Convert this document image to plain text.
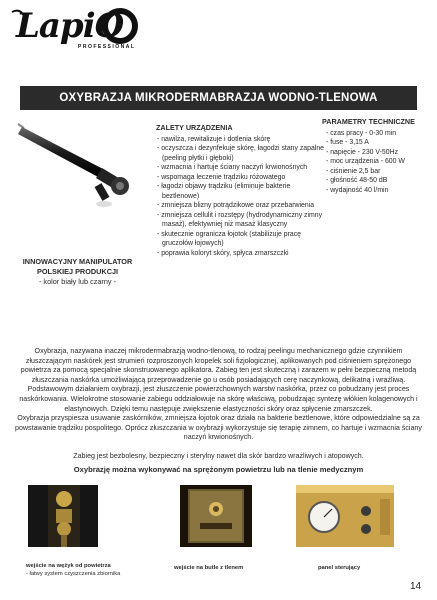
LapiO
PROFESSIONAL
OXYBRAZJA MIKRODERMABRAZJA WODNO-TLENOWA
INNOWACYJNY MANIPULATOR
POLSKIEJ PRODUKCJI
- kolor biały lub czarny -
ZALETY URZĄDZENIA
- nawilża, rewitalizuje i dotlenia skórę
- oczyszcza i dezynfekuje skórę, łagodzi stany zapalne (peeling płytki i głęboki)
- wzmacnia i hartuje ściany naczyń krwionośnych
- wspomaga leczenie trądziku różowatego
- łagodzi objawy trądziku (eliminuje bakterie beztlenowe)
- zmniejsza blizny potrądzikowe oraz przebarwienia
- zmniejsza cellulit i rozstępy (hydrodynamiczny zimny masaż), efektywniej niż masaż klasyczny
- skutecznie ogranicza łojotok (stabilizuje pracę gruczołów łojowych)
- poprawia koloryt skóry, spłyca zmarszczki
PARAMETRY TECHNICZNE
- czas pracy - 0-30 min
- fuse - 3,15 A
- napięcie - 230 V-50Hz
- moc urządzenia - 600 W
- ciśnienie 2,5 bar
- głośność 48-50 dB
- wydajność 40 l/min

Oxybrazja, nazywana inaczej mikrodermabrazją wodno-tlenową, to rodzaj peelingu mechanicznego gdzie czynnikiem złuszczającym naskórek jest strumień rozproszonych kropelek soli fizjologicznej, aplikowanych pod ciśnieniem sprężonego powietrza za pomocą specjalnie skonstruowanego aplikatora. Zabieg ten jest skuteczną i zarazem w pełni bezpieczną metodą złuszczania naskórka umożliwiającą przeprowadzenie go u osób posiadających cerę naczynkową, delikatną i wrażliwą. Podstawowym działaniem oxybrazji, jest złuszczenie powierzchownych warstw naskórka, przez co pobudzany jest proces naskórkowania. Wielokrotne stosowanie zabiegu oddziałowuje na skórę właściwą, pobudzając syntezę włókien kolagenowych i elastynowych. Dzięki temu następuje zwiększenie elastyczności skóry oraz spłycenie zmarszczek.

Oxybrazja przyspiesza usuwanie zaskórników, zmniejsza łojotok oraz działa na bakterie beztlenowe, które odpowiedzialne są za powstawanie trądziku pospolitego. Oprócz złuszczania w oxybrazji wykorzystuje się terapię zimnem, co hartuje i wzmacnia ściany naczyń krwionośnych.

Zabieg jest bezbolesny, bezpieczny i sterylny nawet dla skór bardzo wrażliwych i atopowych.

Oxybrazję można wykonywać na sprężonym powietrzu lub na tlenie medycznym
wejście na wężyk od powietrza
- łatwy system czyszczenia zbiornika
wejście na butle z tlenem	panel sterujący
14
